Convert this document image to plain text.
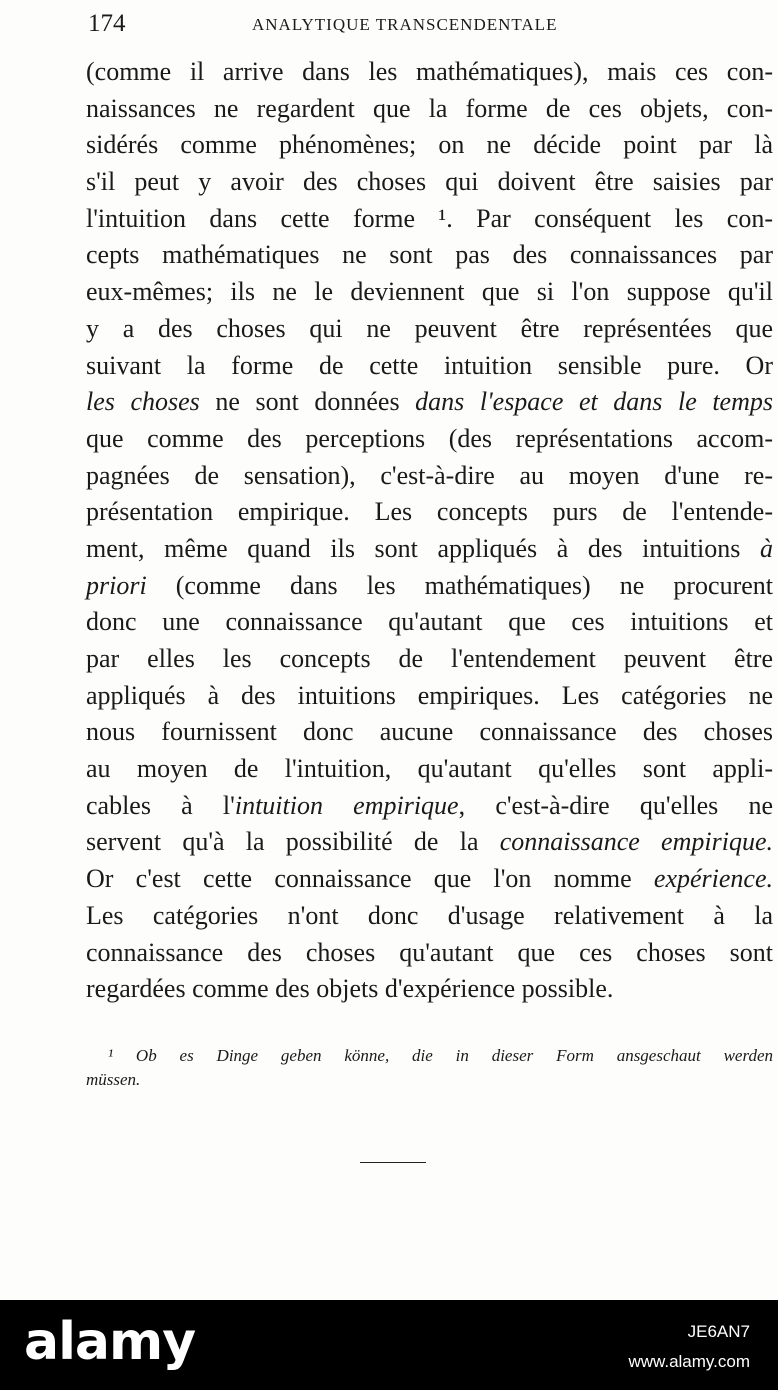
174	ANALYTIQUE TRANSCENDENTALE
(comme il arrive dans les mathématiques), mais ces con-
naissances ne regardent que la forme de ces objets, con-
sidérés comme phénomènes; on ne décide point par là
s'il peut y avoir des choses qui doivent être saisies par
l'intuition dans cette forme ¹. Par conséquent les con-
cepts mathématiques ne sont pas des connaissances par
eux-mêmes; ils ne le deviennent que si l'on suppose qu'il
y a des choses qui ne peuvent être représentées que
suivant la forme de cette intuition sensible pure. Or
les choses ne sont données dans l'espace et dans le temps
que comme des perceptions (des représentations accom-
pagnées de sensation), c'est-à-dire au moyen d'une re-
présentation empirique. Les concepts purs de l'entende-
ment, même quand ils sont appliqués à des intuitions à
priori (comme dans les mathématiques) ne procurent
donc une connaissance qu'autant que ces intuitions et
par elles les concepts de l'entendement peuvent être
appliqués à des intuitions empiriques. Les catégories ne
nous fournissent donc aucune connaissance des choses
au moyen de l'intuition, qu'autant qu'elles sont appli-
cables à l'intuition empirique, c'est-à-dire qu'elles ne
servent qu'à la possibilité de la connaissance empirique.
Or c'est cette connaissance que l'on nomme expérience.
Les catégories n'ont donc d'usage relativement à la
connaissance des choses qu'autant que ces choses sont
regardées comme des objets d'expérience possible.
¹ Ob es Dinge geben könne, die in dieser Form ansgeschaut werden
müssen.
alamy	JE6AN7
www.alamy.com
